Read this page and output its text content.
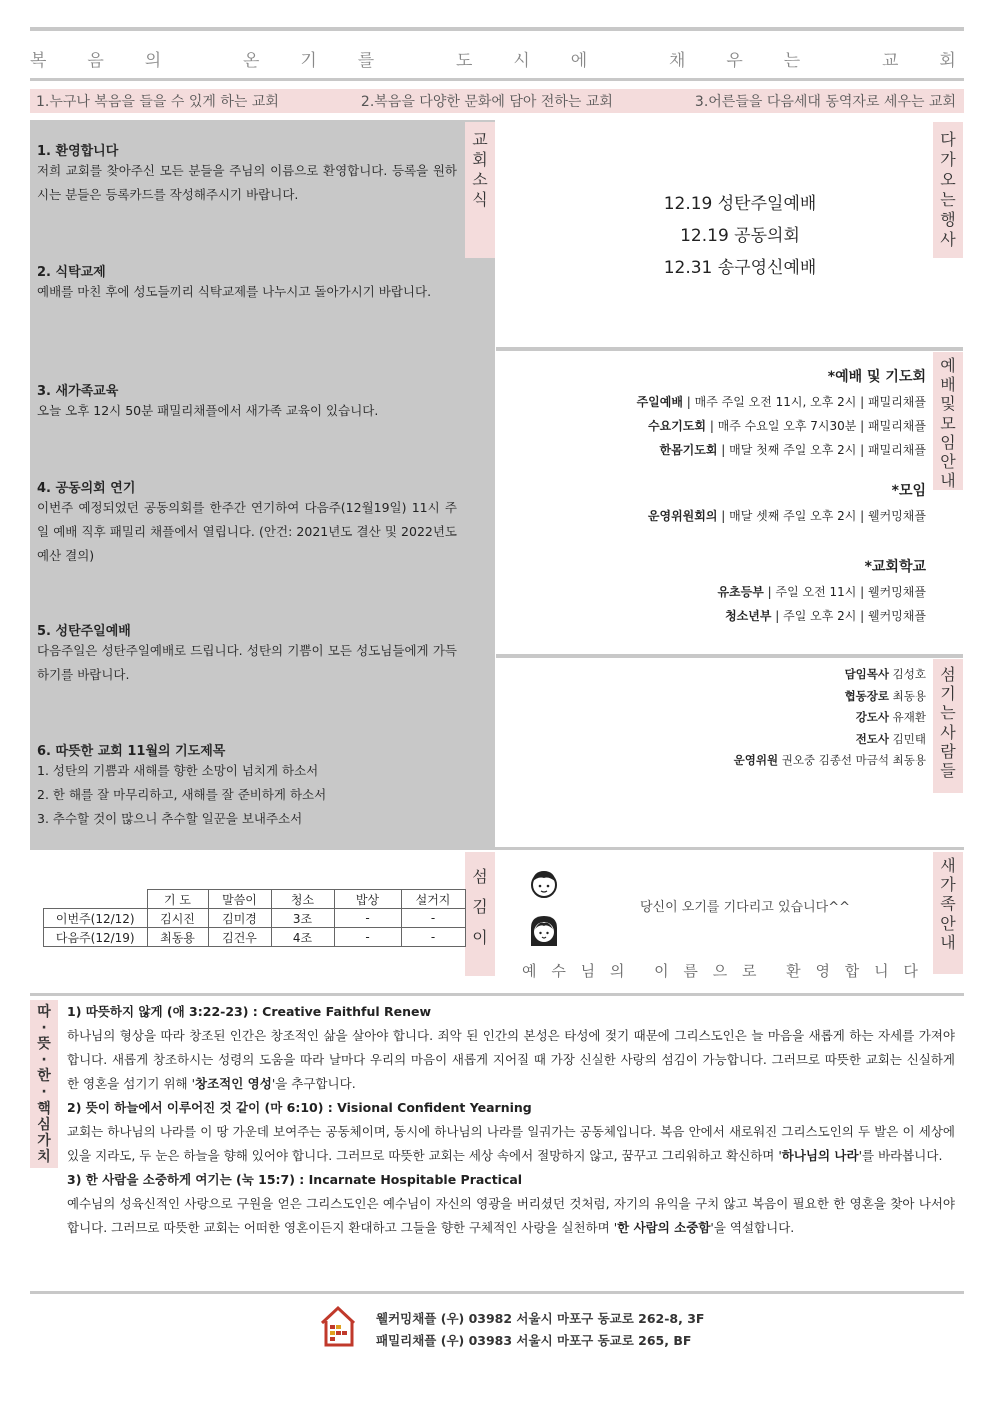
복 음 의	온 기 를	도 시 에	채 우 는	교 회
1.누구나 복음을 들을 수 있게 하는 교회	2.복음을 다양한 문화에 담아 전하는 교회	3.어른들을 다음세대 동역자로 세우는 교회
교
회
소
식
1. 환영합니다

저희 교회를 찾아주신 모든 분들을 주님의 이름으로 환영합니다. 등록을 원하시는 분들은 등록카드를 작성해주시기 바랍니다.

2. 식탁교제

예배를 마친 후에 성도들끼리 식탁교제를 나누시고 돌아가시기 바랍니다.

3. 새가족교육

오늘 오후 12시 50분 패밀리채플에서 새가족 교육이 있습니다.

4. 공동의회 연기

이번주 예정되었던 공동의회를 한주간 연기하여 다음주(12월19일) 11시 주일 예배 직후 패밀리 채플에서 열립니다. (안건: 2021년도 결산 및 2022년도 예산 결의)

5. 성탄주일예배

다음주일은 성탄주일예배로 드립니다. 성탄의 기쁨이 모든 성도님들에게 가득하기를 바랍니다.

6. 따뜻한 교회 11월의 기도제목

1. 성탄의 기쁨과 새해를 향한 소망이 넘치게 하소서

2. 한 해를 잘 마무리하고, 새해를 잘 준비하게 하소서

3. 추수할 것이 많으니 추수할 일꾼을 보내주소서

다
가
오
는
행
사
12.19 성탄주일예배
12.19 공동의회
12.31 송구영신예배
예
배
및
모
임
안
내
*예배 및 기도회
주일예배 | 매주 주일 오전 11시, 오후 2시 | 패밀리채플
수요기도회 | 매주 수요일 오후 7시30분 | 패밀리채플
한몸기도회 | 매달 첫째 주일 오후 2시 | 패밀리채플
*모임
운영위원회의 | 매달 셋째 주일 오후 2시 | 웰커밍채플
*교회학교
유초등부 | 주일 오전 11시 | 웰커밍채플
청소년부 | 주일 오후 2시 | 웰커밍채플
섬
기
는
사
람
들
담임목사 김성호
협동장로 최동용
강도사 유재환
전도사 김민태
운영위원 권오중 김종선 마금석 최동용
섬
김
이
	기 도	말씀이	청소	밥상	설거지
이번주(12/12)	김시진	김미경	3조	-	-
다음주(12/19)	최동용	김건우	4조	-	-
새
가
족
안
내
당신이 오기를 기다리고 있습니다^^
예 수 님 의 이 름 으 로 환 영 합 니 다
따
·
뜻
·
한
·
핵
심
가
치
1) 따뜻하지 않게 (애 3:22-23) : Creative Faithful Renew

하나님의 형상을 따라 창조된 인간은 창조적인 삶을 살아야 합니다. 죄악 된 인간의 본성은 타성에 젖기 때문에 그리스도인은 늘 마음을 새롭게 하는 자세를 가져야합니다. 새롭게 창조하시는 성령의 도움을 따라 날마다 우리의 마음이 새롭게 지어질 때 가장 신실한 사랑의 섬김이 가능합니다. 그러므로 따뜻한 교회는 신실하게 한 영혼을 섬기기 위해 '창조적인 영성'을 추구합니다.

2) 뜻이 하늘에서 이루어진 것 같이 (마 6:10) : Visional Confident Yearning

교회는 하나님의 나라를 이 땅 가운데 보여주는 공동체이며, 동시에 하나님의 나라를 일궈가는 공동체입니다. 복음 안에서 새로워진 그리스도인의 두 발은 이 세상에 있을 지라도, 두 눈은 하늘을 향해 있어야 합니다. 그러므로 따뜻한 교회는 세상 속에서 절망하지 않고, 꿈꾸고 그리워하고 확신하며 '하나님의 나라'를 바라봅니다.

3) 한 사람을 소중하게 여기는 (눅 15:7) : Incarnate Hospitable Practical

예수님의 성육신적인 사랑으로 구원을 얻은 그리스도인은 예수님이 자신의 영광을 버리셨던 것처럼, 자기의 유익을 구치 않고 복음이 필요한 한 영혼을 찾아 나서야 합니다. 그러므로 따뜻한 교회는 어떠한 영혼이든지 환대하고 그들을 향한 구체적인 사랑을 실천하며 '한 사람의 소중함'을 역설합니다.

웰커밍채플 (우) 03982 서울시 마포구 동교로 262-8, 3F
패밀리채플 (우) 03983 서울시 마포구 동교로 265, BF
